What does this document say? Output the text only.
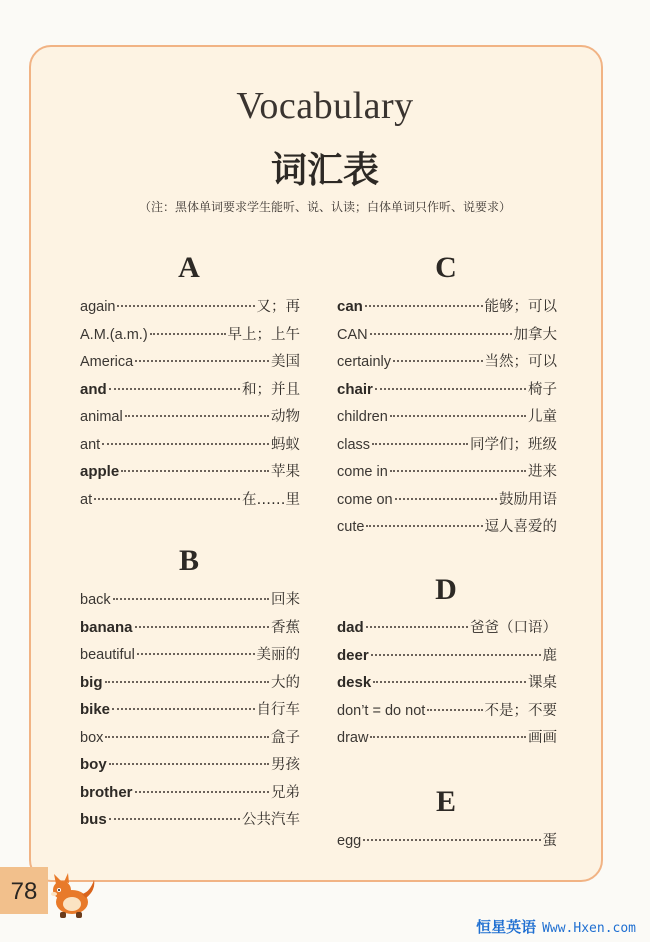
Vocabulary
词汇表
（注：黑体单词要求学生能听、说、认读；白体单词只作听、说要求）
A
B
C
D
E
again	又；再
A.M.(a.m.)	早上；上午
America	美国
and	和；并且
animal	动物
ant	蚂蚁
apple	苹果
at	在……里
back	回来
banana	香蕉
beautiful	美丽的
big	大的
bike	自行车
box	盒子
boy	男孩
brother	兄弟
bus	公共汽车
can	能够；可以
CAN	加拿大
certainly	当然；可以
chair	椅子
children	儿童
class	同学们；班级
come in	进来
come on	鼓励用语
cute	逗人喜爱的
dad	爸爸（口语）
deer	鹿
desk	课桌
don’t = do not	不是；不要
draw	画画
egg	蛋
78
恒星英语 Www.Hxen.com
